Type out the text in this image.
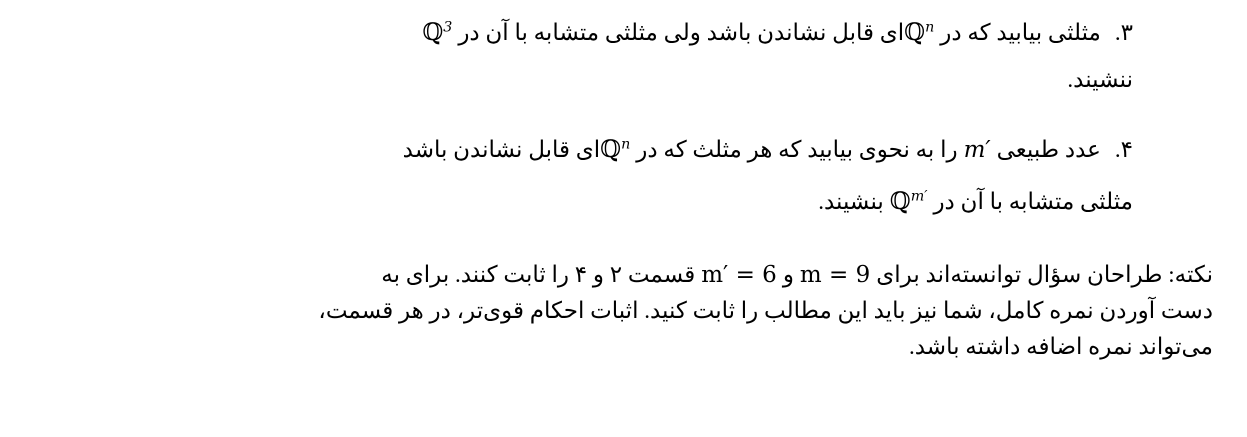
۳.مثلثی بیابید که درℚ$^n$ای قابل نشاندن باشد ولی مثلثی متشابه با آن درℚ$^3$
ننشیند.

۴.عدد طبیعیm′را به نحوی بیابید که هر مثلث که درℚ$^n$ای قابل نشاندن باشد
مثلثی متشابه با آن درℚ$^{m'}$بنشیند.

نکته: طراحان سؤال توانسته‌اند برایm = 9وm′ = 6قسمت ۲ و ۴ را ثابت کنند. برای به
دست آوردن نمره کامل، شما نیز باید این مطالب را ثابت کنید. اثبات احکام قوی‌تر، در هر قسمت،
می‌تواند نمره اضافه داشته باشد.
